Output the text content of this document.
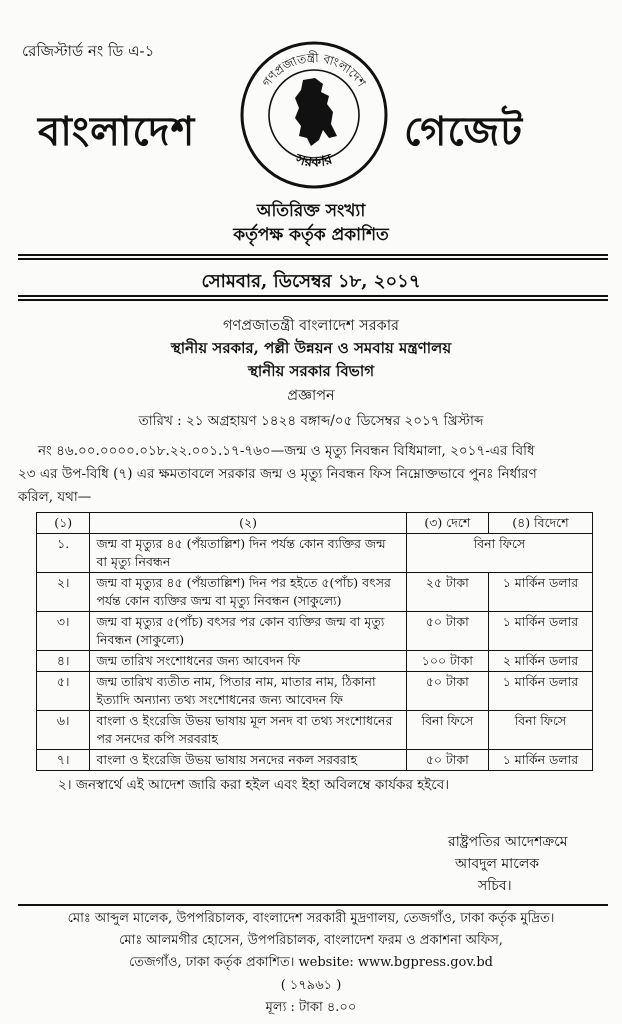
রেজিস্টার্ড নং ডি এ-১
বাংলাদেশ
গণপ্রজাতন্ত্রী বাংলাদেশ
সরকার
গেজেট
অতিরিক্ত সংখ্যা
কর্তৃপক্ষ কর্তৃক প্রকাশিত
সোমবার, ডিসেম্বর ১৮, ২০১৭
গণপ্রজাতন্ত্রী বাংলাদেশ সরকার
স্থানীয় সরকার, পল্লী উন্নয়ন ও সমবায় মন্ত্রণালয়
স্থানীয় সরকার বিভাগ
প্রজ্ঞাপন
তারিখ : ২১ অগ্রহায়ণ ১৪২৪ বঙ্গাব্দ/০৫ ডিসেম্বর ২০১৭ খ্রিস্টাব্দ
নং ৪৬.০০.০০০০.০১৮.২২.০০১.১৭-৭৬০—জন্ম ও মৃত্যু নিবন্ধন বিধিমালা, ২০১৭-এর বিধি
২৩ এর উপ-বিধি (৭) এর ক্ষমতাবলে সরকার জন্ম ও মৃত্যু নিবন্ধন ফিস নিম্নোক্তভাবে পুনঃ নির্ধারণ
করিল, যথা—
(১)	(২)	(৩) দেশে	(৪) বিদেশে
১.	জন্ম বা মৃত্যুর ৪৫ (পঁয়তাল্লিশ) দিন পর্যন্ত কোন ব্যক্তির জন্ম বা মৃত্যু নিবন্ধন	বিনা ফিসে	
২।	জন্ম বা মৃত্যুর ৪৫ (পঁয়তাল্লিশ) দিন পর হইতে ৫(পাঁচ) বৎসর পর্যন্ত কোন ব্যক্তির জন্ম বা মৃত্যু নিবন্ধন (সাকুল্যে)	২৫ টাকা	১ মার্কিন ডলার
৩।	জন্ম বা মৃত্যুর ৫(পাঁচ) বৎসর পর কোন ব্যক্তির জন্ম বা মৃত্যু নিবন্ধন (সাকুল্যে)	৫০ টাকা	১ মার্কিন ডলার
৪।	জন্ম তারিখ সংশোধনের জন্য আবেদন ফি	১০০ টাকা	২ মার্কিন ডলার
৫।	জন্ম তারিখ ব্যতীত নাম, পিতার নাম, মাতার নাম, ঠিকানা ইত্যাদি অন্যান্য তথ্য সংশোধনের জন্য আবেদন ফি	৫০ টাকা	১ মার্কিন ডলার
৬।	বাংলা ও ইংরেজি উভয় ভাষায় মূল সনদ বা তথ্য সংশোধনের পর সনদের কপি সরবরাহ	বিনা ফিসে	বিনা ফিসে
৭।	বাংলা ও ইংরেজি উভয় ভাষায় সনদের নকল সরবরাহ	৫০ টাকা	১ মার্কিন ডলার
২। জনস্বার্থে এই আদেশ জারি করা হইল এবং ইহা অবিলম্বে কার্যকর হইবে।
রাষ্ট্রপতির আদেশক্রমে
আবদুল মালেক
সচিব।
মোঃ আব্দুল মালেক, উপপরিচালক, বাংলাদেশ সরকারী মুদ্রণালয়, তেজগাঁও, ঢাকা কর্তৃক মুদ্রিত।
মোঃ আলমগীর হোসেন, উপপরিচালক, বাংলাদেশ ফরম ও প্রকাশনা অফিস,
তেজগাঁও, ঢাকা কর্তৃক প্রকাশিত। website: www.bgpress.gov.bd
( ১৭৯৬১ )
মূল্য : টাকা ৪.০০
